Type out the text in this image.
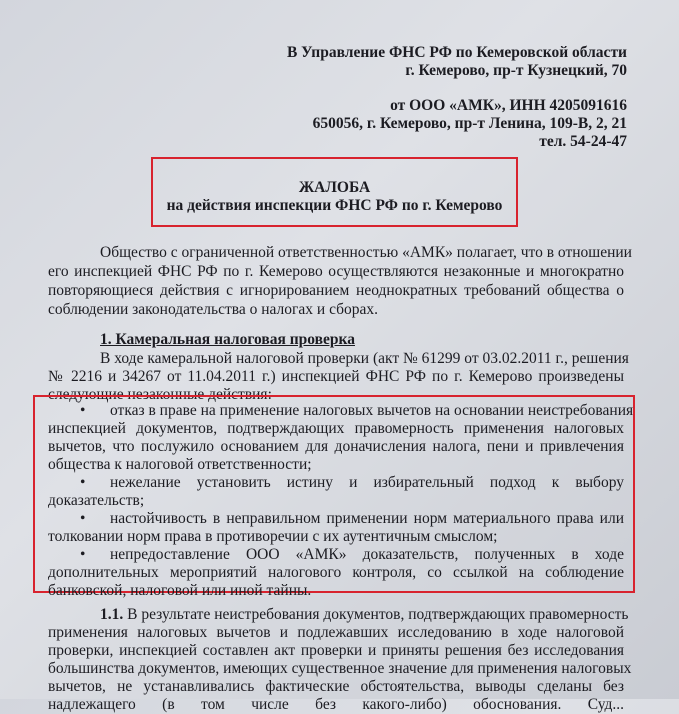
В Управление ФНС РФ по Кемеровской области
г. Кемерово, пр-т Кузнецкий, 70
от ООО «АМК», ИНН 4205091616
650056, г. Кемерово, пр-т Ленина, 109-В, 2, 21
тел. 54-24-47
ЖАЛОБА
на действия инспекции ФНС РФ по г. Кемерово
Общество с ограниченной ответственностью «АМК» полагает, что в отношении
его инспекцией ФНС РФ по г. Кемерово осуществляются незаконные и многократно
повторяющиеся действия с игнорированием неоднократных требований общества о
соблюдении законодательства о налогах и сборах.
1. Камеральная налоговая проверка
В ходе камеральной налоговой проверки (акт № 61299 от 03.02.2011 г., решения
№ 2216 и 34267 от 11.04.2011 г.) инспекцией ФНС РФ по г. Кемерово произведены
следующие незаконные действия:
• отказ в праве на применение налоговых вычетов на основании неистребования
инспекцией документов, подтверждающих правомерность применения налоговых
вычетов, что послужило основанием для доначисления налога, пени и привлечения
общества к налоговой ответственности;
• нежелание установить истину и избирательный подход к выбору
доказательств;
• настойчивость в неправильном применении норм материального права или
толковании норм права в противоречии с их аутентичным смыслом;
• непредоставление ООО «АМК» доказательств, полученных в ходе
дополнительных мероприятий налогового контроля, со ссылкой на соблюдение
банковской, налоговой или иной тайны.
1.1. В результате неистребования документов, подтверждающих правомерность
применения налоговых вычетов и подлежавших исследованию в ходе налоговой
проверки, инспекцией составлен акт проверки и приняты решения без исследования
большинства документов, имеющих существенное значение для применения налоговых
вычетов, не устанавливались фактические обстоятельства, выводы сделаны без
надлежащего (в том числе без какого-либо) обоснования. Суд...
